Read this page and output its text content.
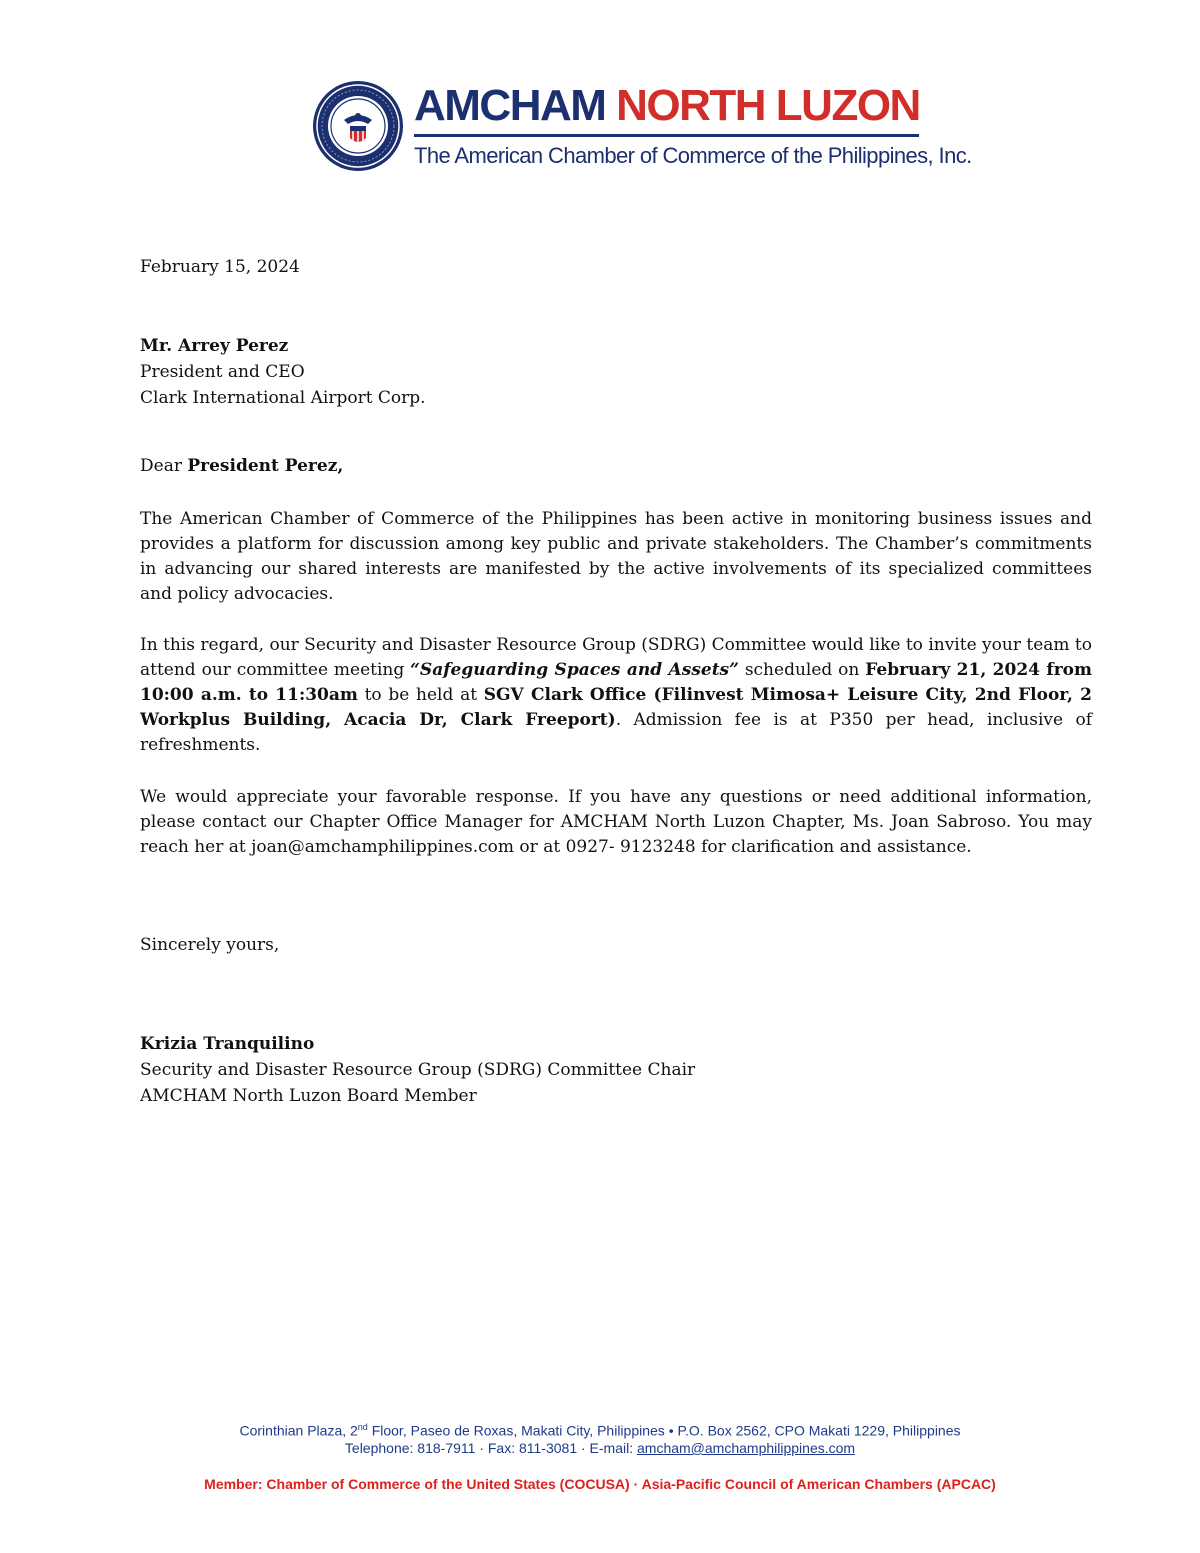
AMCHAM NORTH LUZON
The American Chamber of Commerce of the Philippines, Inc.
February 15, 2024
Mr. Arrey Perez
President and CEO
Clark International Airport Corp.
Dear President Perez,
The American Chamber of Commerce of the Philippines has been active in monitoring business issues and provides a platform for discussion among key public and private stakeholders. The Chamber’s commitments in advancing our shared interests are manifested by the active involvements of its specialized committees and policy advocacies.
In this regard, our Security and Disaster Resource Group (SDRG) Committee would like to invite your team to attend our committee meeting “Safeguarding Spaces and Assets” scheduled on February 21, 2024 from 10:00 a.m. to 11:30am to be held at SGV Clark Office (Filinvest Mimosa+ Leisure City, 2nd Floor, 2 Workplus Building, Acacia Dr, Clark Freeport). Admission fee is at P350 per head, inclusive of refreshments.
We would appreciate your favorable response. If you have any questions or need additional information, please contact our Chapter Office Manager for AMCHAM North Luzon Chapter, Ms. Joan Sabroso. You may reach her at joan@amchamphilippines.com or at 0927- 9123248 for clarification and assistance.
Sincerely yours,
Krizia Tranquilino
Security and Disaster Resource Group (SDRG) Committee Chair
AMCHAM North Luzon Board Member
Corinthian Plaza, 2nd Floor, Paseo de Roxas, Makati City, Philippines • P.O. Box 2562, CPO Makati 1229, Philippines
Telephone: 818-7911 · Fax: 811-3081 · E-mail: amcham@amchamphilippines.com
Member: Chamber of Commerce of the United States (COCUSA) · Asia-Pacific Council of American Chambers (APCAC)
